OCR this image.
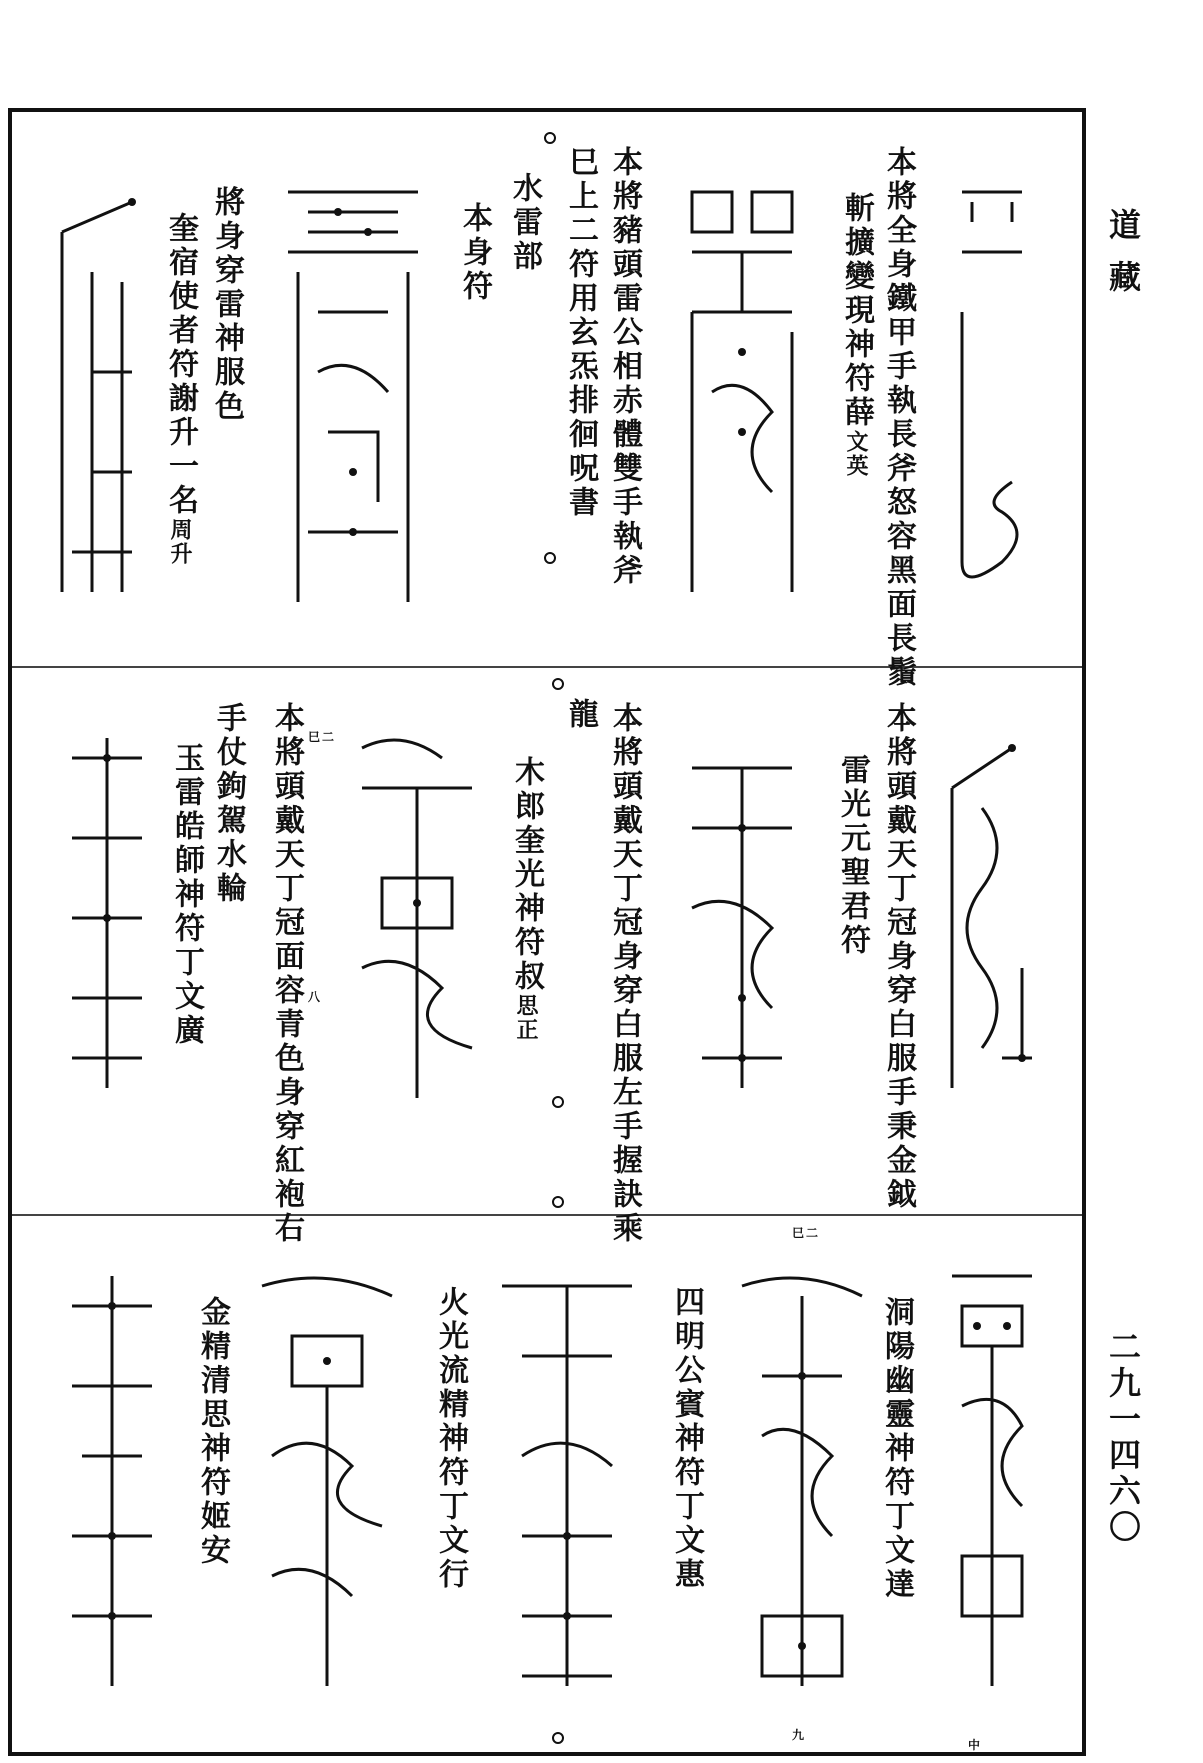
道藏
二九一四六〇
本將全身鐵甲手執長斧怒容黑面長鬚
斬擴變現神符薛文英
本將豬頭雷公相赤體雙手執斧
巳上二符用玄炁排徊呪書
水雷部
本身符
將身穿雷神服色
奎宿使者符謝升一名周升
本將頭戴天丁冠身穿白服手秉金鉞
雷光元聖君符
本將頭戴天丁冠身穿白服左手握訣乘
龍
木郎奎光神符叔思正
本將頭戴天丁冠面容青色身穿紅袍右 巳二
八
手仗鉤駕水輪
玉雷皓師神符丁文廣
洞陽幽靈神符丁文達
中
巳二
九
四明公賓神符丁文惠
火光流精神符丁文行
金精清思神符姬安
